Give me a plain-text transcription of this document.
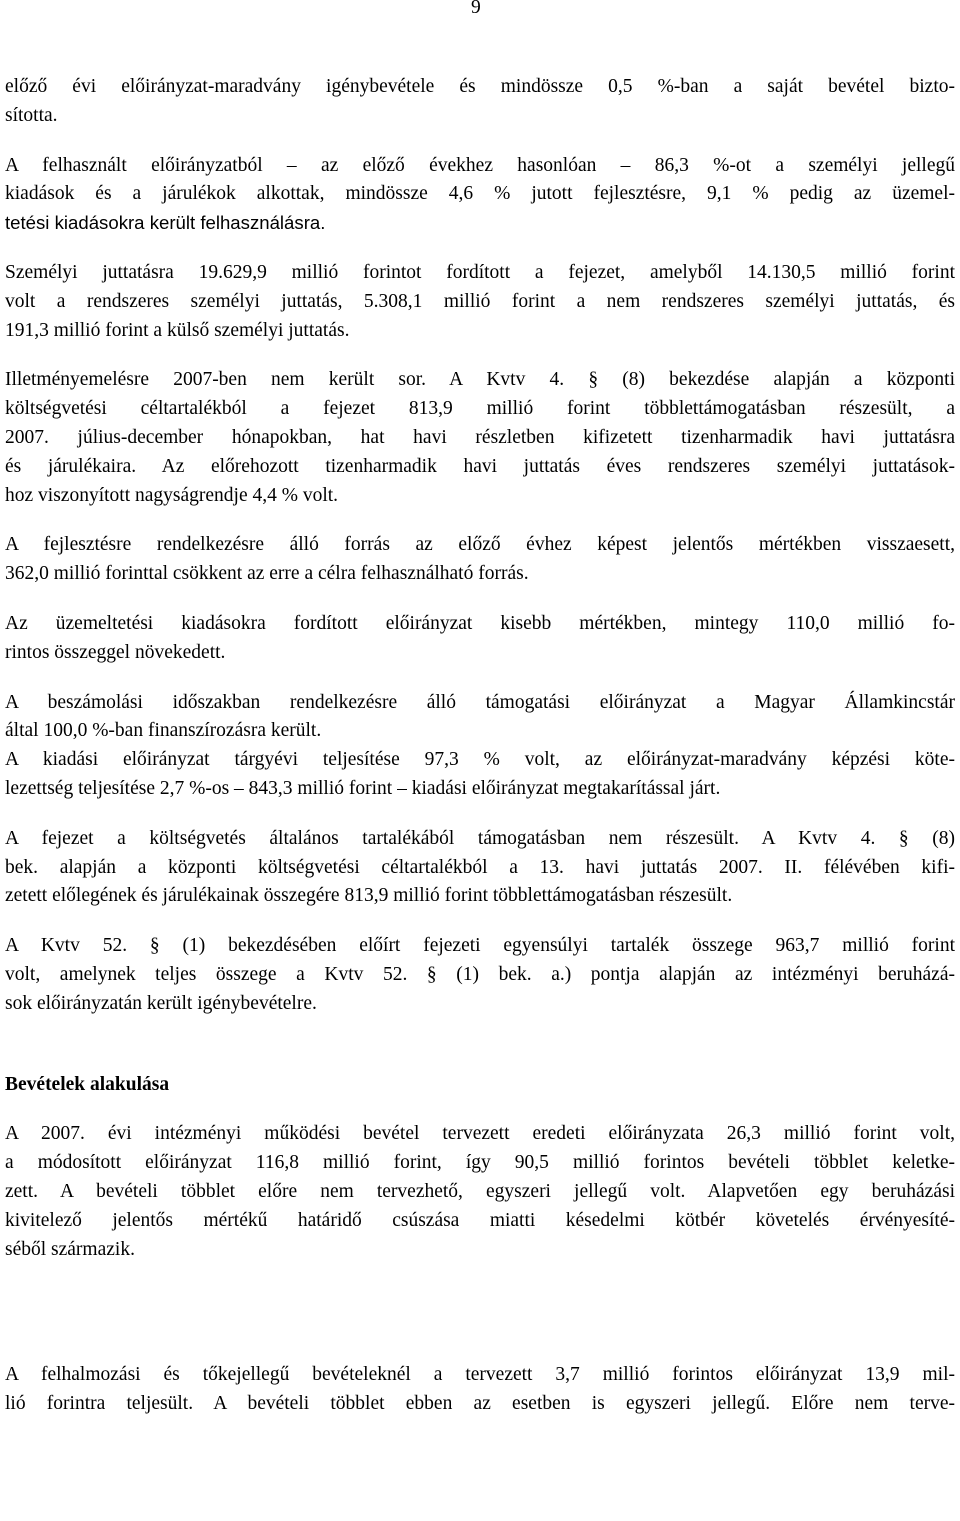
9

előző évi előirányzat-maradvány igénybevétele és mindössze 0,5 %-ban a saját bevétel bizto-
sította.

A felhasznált előirányzatból – az előző évekhez hasonlóan – 86,3 %-ot a személyi jellegű
kiadások és a járulékok alkottak, mindössze 4,6 % jutott fejlesztésre, 9,1 % pedig az üzemel-
tetési kiadásokra került felhasználásra.

Személyi juttatásra 19.629,9 millió forintot fordított a fejezet, amelyből 14.130,5 millió forint
volt a rendszeres személyi juttatás, 5.308,1 millió forint a nem rendszeres személyi juttatás, és
191,3 millió forint a külső személyi juttatás.

Illetményemelésre 2007-ben nem került sor. A Kvtv 4. § (8) bekezdése alapján a központi
költségvetési céltartalékból a fejezet 813,9 millió forint többlettámogatásban részesült, a
2007. július-december hónapokban, hat havi részletben kifizetett tizenharmadik havi juttatásra
és járulékaira. Az előrehozott tizenharmadik havi juttatás éves rendszeres személyi juttatások-
hoz viszonyított nagyságrendje 4,4 % volt.

A fejlesztésre rendelkezésre álló forrás az előző évhez képest jelentős mértékben visszaesett,
362,0 millió forinttal csökkent az erre a célra felhasználható forrás.

Az üzemeltetési kiadásokra fordított előirányzat kisebb mértékben, mintegy 110,0 millió fo-
rintos összeggel növekedett.

A beszámolási időszakban rendelkezésre álló támogatási előirányzat a Magyar Államkincstár
által 100,0 %-ban finanszírozásra került.

A kiadási előirányzat tárgyévi teljesítése 97,3 % volt, az előirányzat-maradvány képzési köte-
lezettség teljesítése 2,7 %-os – 843,3 millió forint – kiadási előirányzat megtakarítással járt.

A fejezet a költségvetés általános tartalékából támogatásban nem részesült. A Kvtv 4. § (8)
bek. alapján a központi költségvetési céltartalékból a 13. havi juttatás 2007. II. félévében kifi-
zetett előlegének és járulékainak összegére 813,9 millió forint többlettámogatásban részesült.

A Kvtv 52. § (1) bekezdésében előírt fejezeti egyensúlyi tartalék összege 963,7 millió forint
volt, amelynek teljes összege a Kvtv 52. § (1) bek. a.) pontja alapján az intézményi beruházá-
sok előirányzatán került igénybevételre.

Bevételek alakulása

A 2007. évi intézményi működési bevétel tervezett eredeti előirányzata 26,3 millió forint volt,
a módosított előirányzat 116,8 millió forint, így 90,5 millió forintos bevételi többlet keletke-
zett. A bevételi többlet előre nem tervezhető, egyszeri jellegű volt. Alapvetően egy beruházási
kivitelező jelentős mértékű határidő csúszása miatti késedelmi kötbér követelés érvényesíté-
séből származik.

A felhalmozási és tőkejellegű bevételeknél a tervezett 3,7 millió forintos előirányzat 13,9 mil-
lió forintra teljesült. A bevételi többlet ebben az esetben is egyszeri jellegű. Előre nem terve-
